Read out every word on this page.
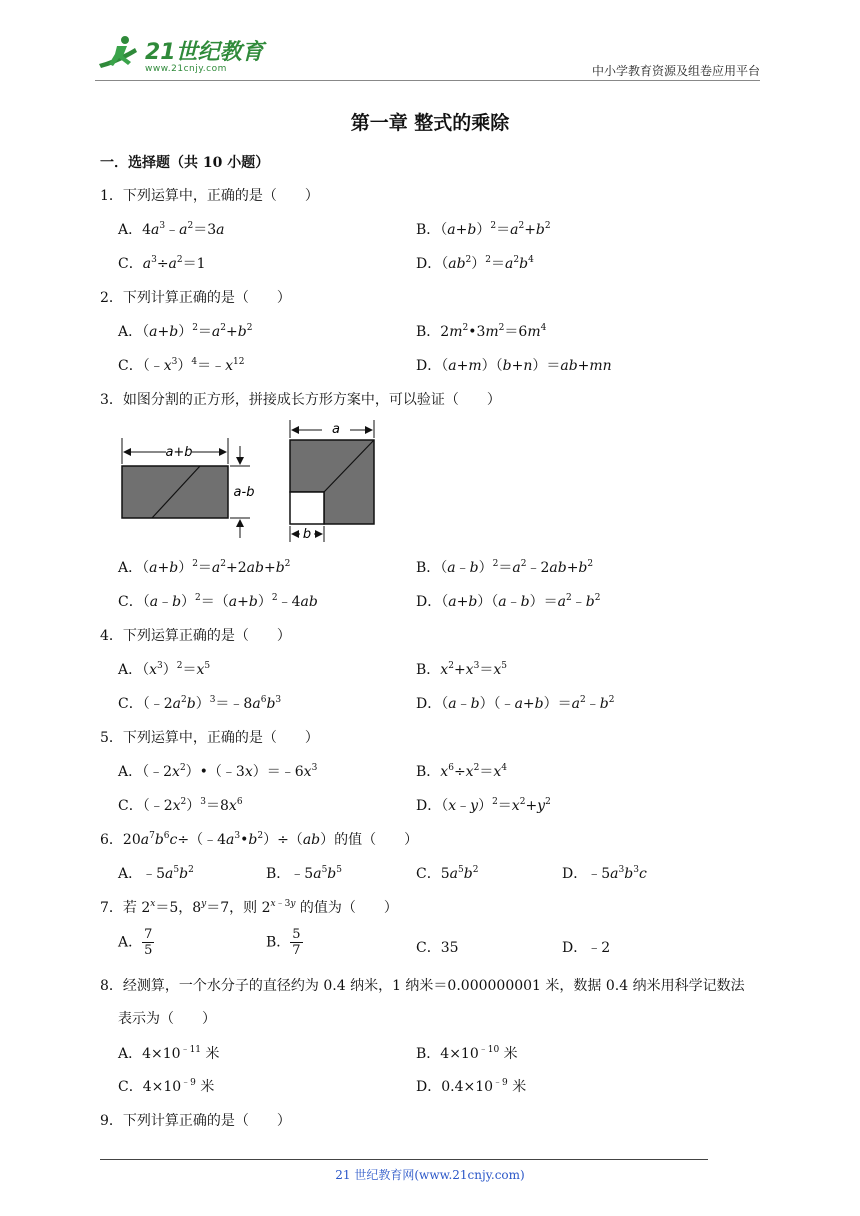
21世纪教育
www.21cnjy.com	中小学教育资源及组卷应用平台
第一章 整式的乘除
一．选择题（共 10 小题）
1．下列运算中，正确的是（　　）
A．$4a^3﹣a^2=3a$	B．$(a+b)^2=a^2+b^2$
C．$a^3\div a^2=1$	D．$(ab^2)^2=a^2b^4$
2．下列计算正确的是（　　）
A．$(a+b)^2=a^2+b^2$	B．$2m^2•3m^2=6m^4$
C．$(﹣x^3)^4=﹣x^{12}$	D．（a+m）（b+n）＝ab+mn
3．如图分割的正方形，拼接成长方形方案中，可以验证（　　）
a+b
a-b
a
b
A．$(a+b)^2=a^2+2ab+b^2$	B．$(a﹣b)^2=a^2﹣2ab+b^2$
C．$(a﹣b)^2=(a+b)^2﹣4ab$	D．$(a+b)(a﹣b)=a^2﹣b^2$
4．下列运算正确的是（　　）
A．$(x^3)^2=x^5$	B．$x^2+x^3=x^5$
C．$(﹣2a^2b)^3=﹣8a^6b^3$	D．$(a﹣b)(﹣a+b)=a^2﹣b^2$
5．下列运算中，正确的是（　　）
A．$(﹣2x^2)•(﹣3x)=﹣6x^3$	B．$x^6\div x^2=x^4$
C．$(﹣2x^2)^3=8x^6$	D．$(x﹣y)^2=x^2+y^2$
6．$20a^7b^6c\div(﹣4a^3•b^2)\div(ab)$的值（　　）
A．$﹣5a^5b^2$	B．$﹣5a^5b^5$	C．$5a^5b^2$	D．$﹣5a^3b^3c$
7．若 $2^x=5$，$8^y=7$，则 $2^{x﹣3y}$ 的值为（　　）
A． $\frac{7}{5}$	B． $\frac{5}{7}$	C．35	D．﹣2
8．经测算，一个水分子的直径约为 0.4 纳米，1 纳米＝0.000000001 米，数据 0.4 纳米用科学记数法
表示为（　　）
A．$4\times 10^{﹣11}$ 米	B．$4\times 10^{﹣10}$ 米
C．$4\times 10^{﹣9}$ 米	D．$0.4\times 10^{﹣9}$ 米
9．下列计算正确的是（　　）
21 世纪教育网(www.21cnjy.com)
